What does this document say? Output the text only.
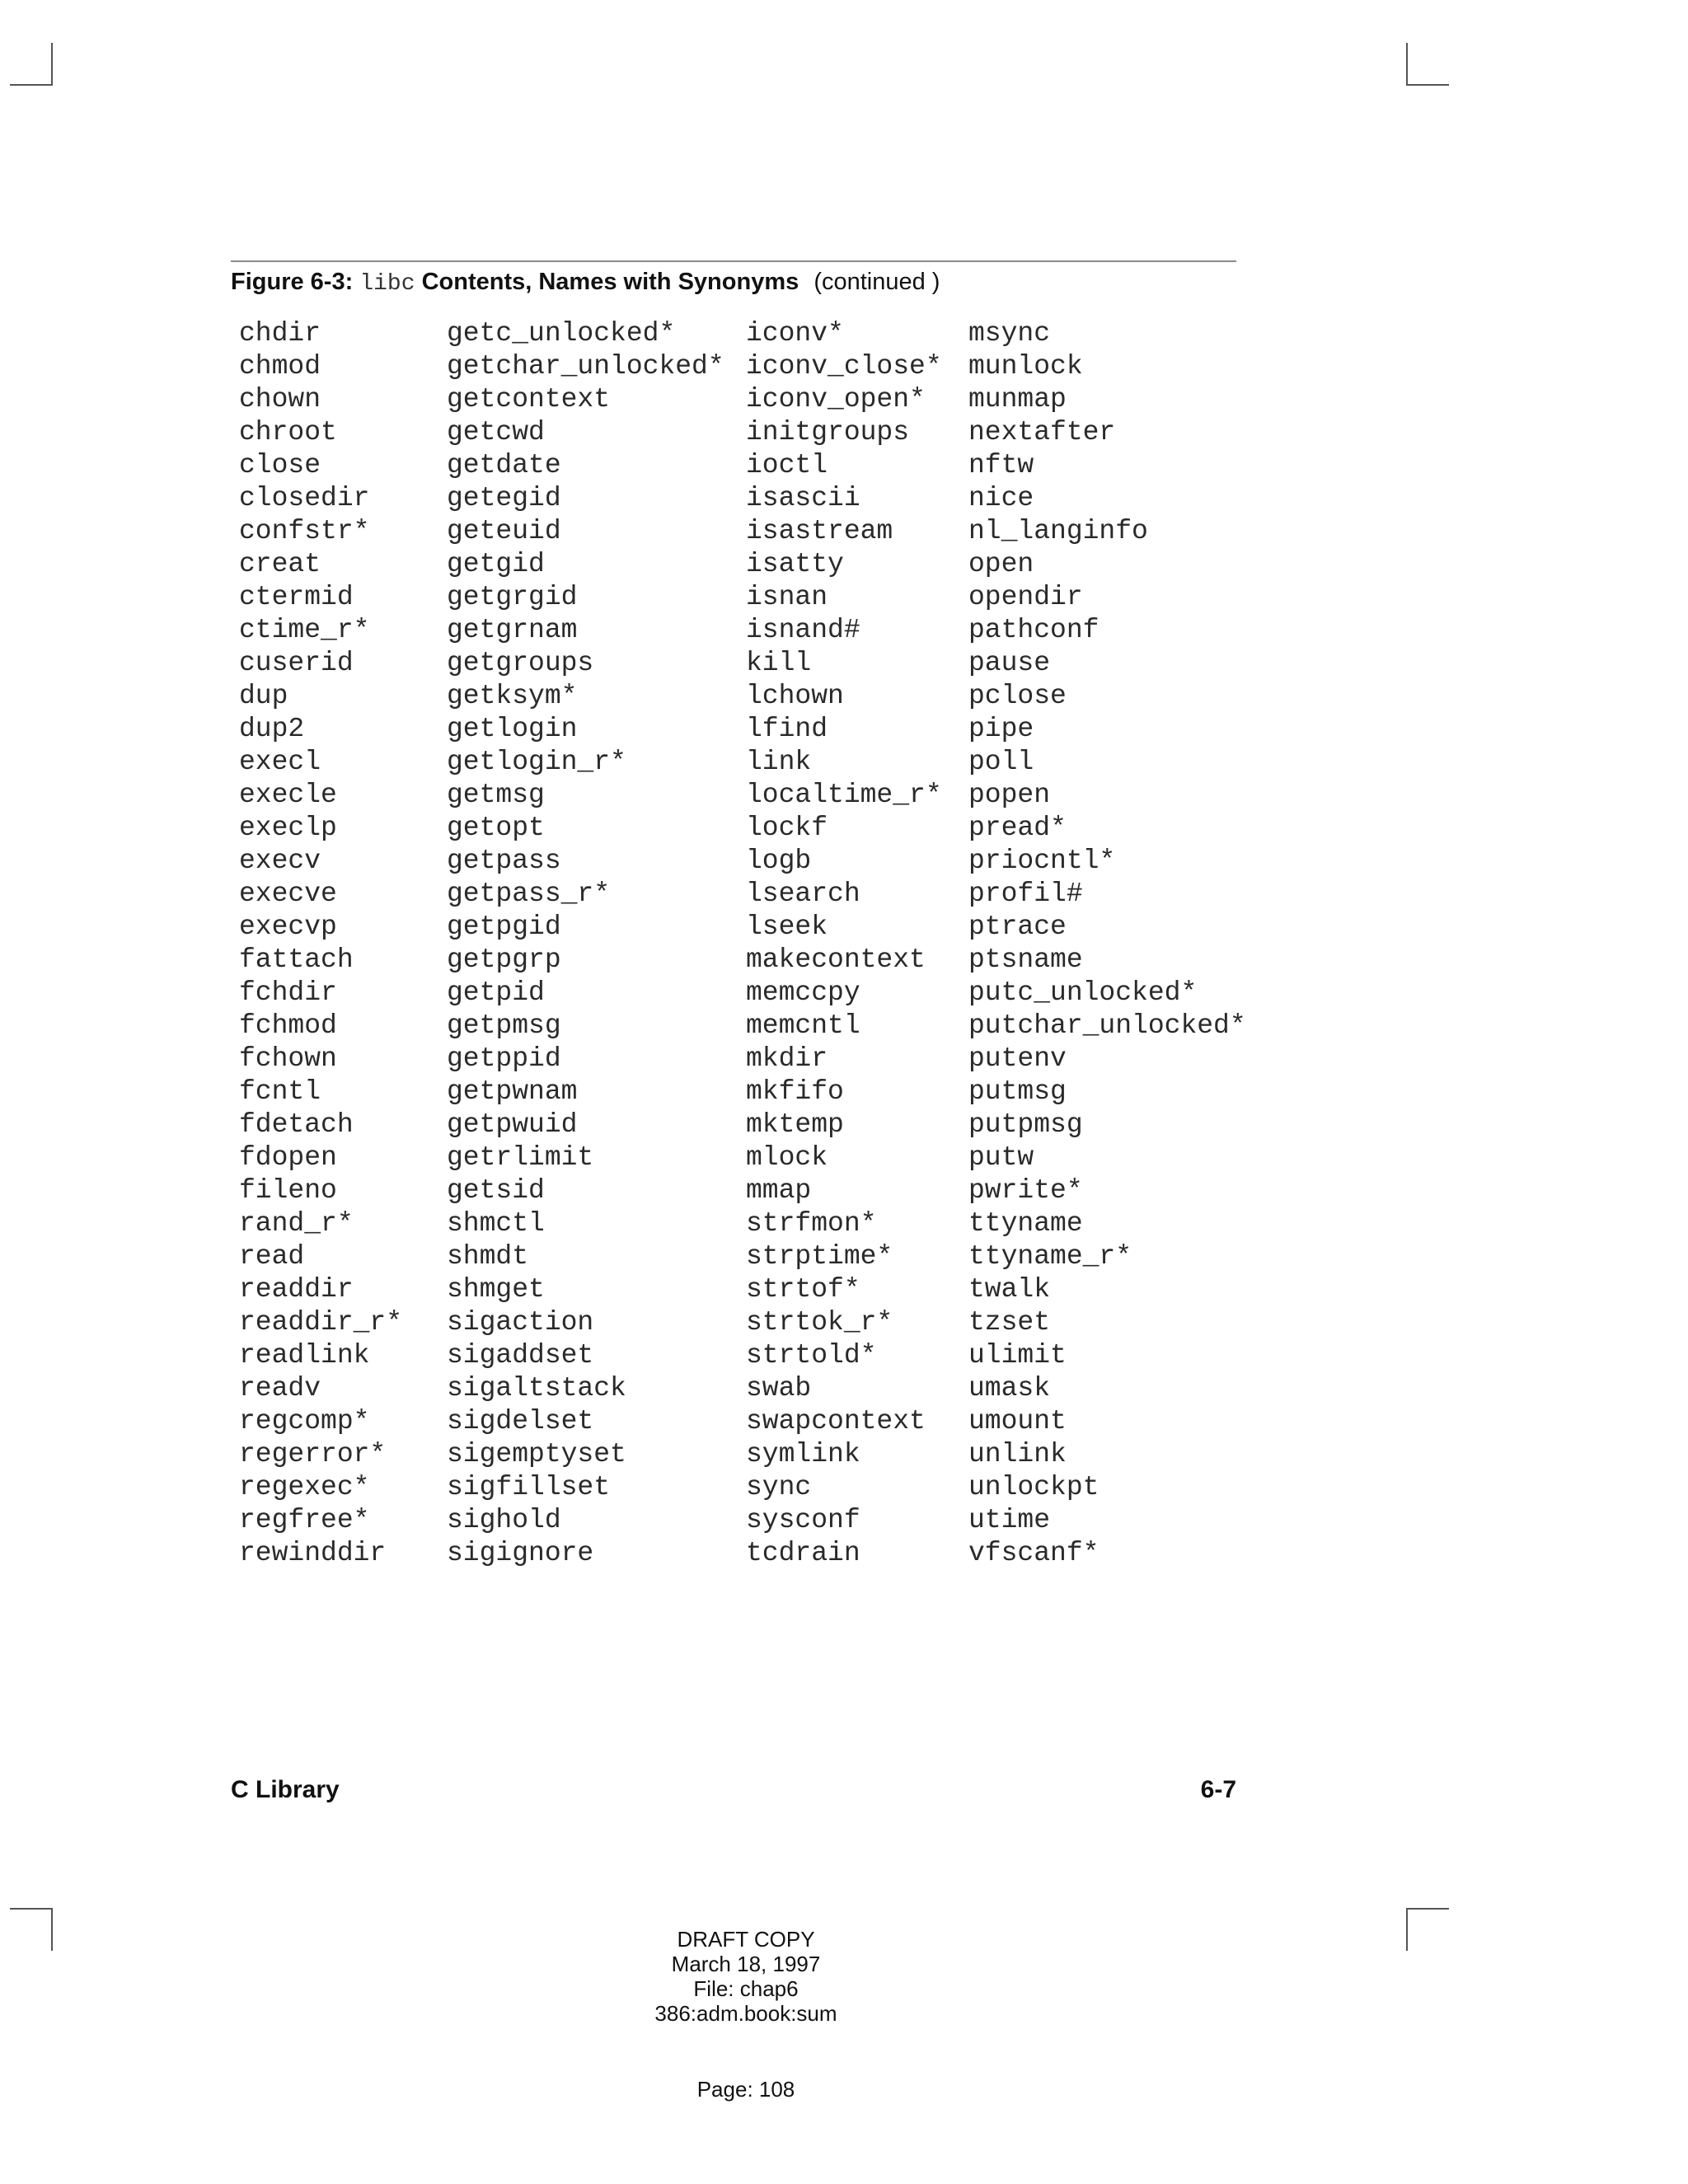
Figure 6-3: libc Contents, Names with Synonyms (continued )
chdir
chmod
chown
chroot
close
closedir
confstr*
creat
ctermid
ctime_r*
cuserid
dup
dup2
execl
execle
execlp
execv
execve
execvp
fattach
fchdir
fchmod
fchown
fcntl
fdetach
fdopen
fileno
rand_r*
read
readdir
readdir_r*
readlink
readv
regcomp*
regerror*
regexec*
regfree*
rewinddir
getc_unlocked*
getchar_unlocked*
getcontext
getcwd
getdate
getegid
geteuid
getgid
getgrgid
getgrnam
getgroups
getksym*
getlogin
getlogin_r*
getmsg
getopt
getpass
getpass_r*
getpgid
getpgrp
getpid
getpmsg
getppid
getpwnam
getpwuid
getrlimit
getsid
shmctl
shmdt
shmget
sigaction
sigaddset
sigaltstack
sigdelset
sigemptyset
sigfillset
sighold
sigignore
iconv*
iconv_close*
iconv_open*
initgroups
ioctl
isascii
isastream
isatty
isnan
isnand#
kill
lchown
lfind
link
localtime_r*
lockf
logb
lsearch
lseek
makecontext
memccpy
memcntl
mkdir
mkfifo
mktemp
mlock
mmap
strfmon*
strptime*
strtof*
strtok_r*
strtold*
swab
swapcontext
symlink
sync
sysconf
tcdrain
msync
munlock
munmap
nextafter
nftw
nice
nl_langinfo
open
opendir
pathconf
pause
pclose
pipe
poll
popen
pread*
priocntl*
profil#
ptrace
ptsname
putc_unlocked*
putchar_unlocked*
putenv
putmsg
putpmsg
putw
pwrite*
ttyname
ttyname_r*
twalk
tzset
ulimit
umask
umount
unlink
unlockpt
utime
vfscanf*
C Library	6-7
DRAFT COPY
March 18, 1997
File: chap6
386:adm.book:sum
Page: 108
